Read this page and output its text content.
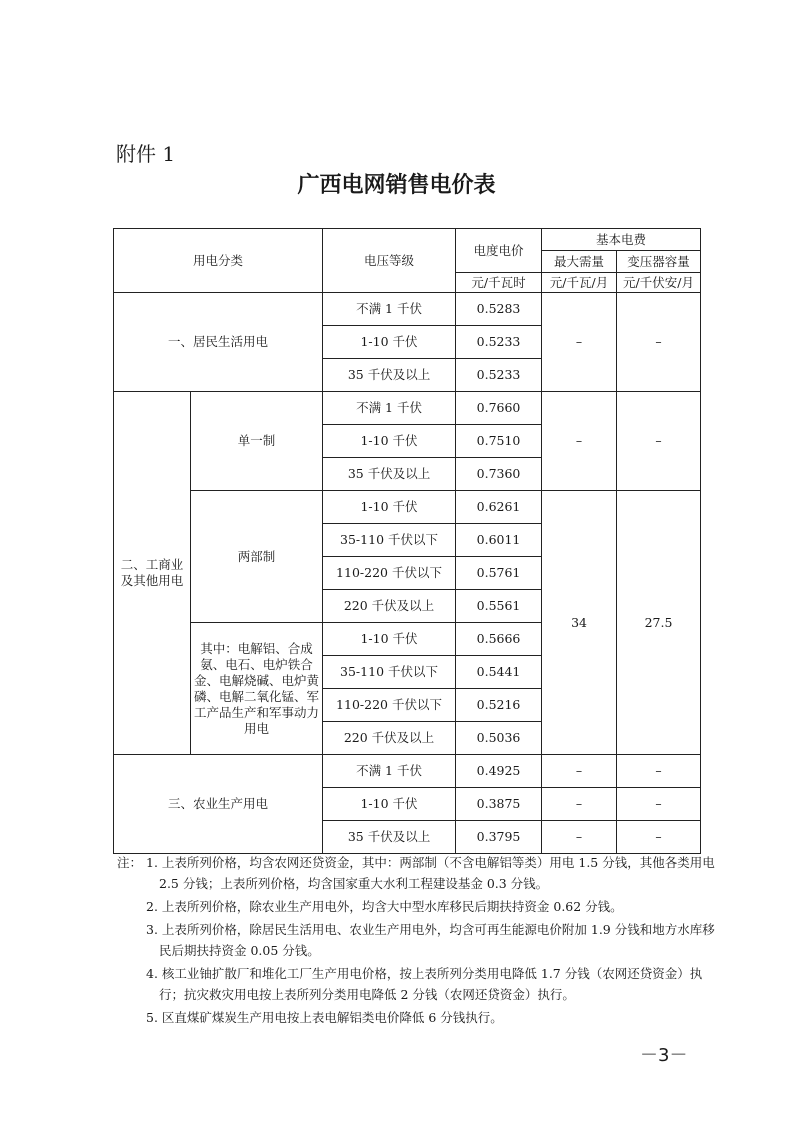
附件 1
广西电网销售电价表
用电分类		电压等级	电度电价	基本电费	
				最大需量	变压器容量
			元/千瓦时	元/千瓦/月	元/千伏安/月
一、居民生活用电		不满 1 千伏	0.5283	–	–
		1-10 千伏	0.5233		
		35 千伏及以上	0.5233		
二、工商业及其他用电	单一制	不满 1 千伏	0.7660	–	–
		1-10 千伏	0.7510		
		35 千伏及以上	0.7360		
	两部制	1-10 千伏	0.6261	34	27.5
		35-110 千伏以下	0.6011		
		110-220 千伏以下	0.5761		
		220 千伏及以上	0.5561		
	其中：电解铝、合成氨、电石、电炉铁合金、电解烧碱、电炉黄磷、电解二氧化锰、军工产品生产和军事动力用电	1-10 千伏	0.5666		
		35-110 千伏以下	0.5441		
		110-220 千伏以下	0.5216		
		220 千伏及以上	0.5036		
三、农业生产用电		不满 1 千伏	0.4925	–	–
		1-10 千伏	0.3875	–	–
		35 千伏及以上	0.3795	–	–
注： 1. 上表所列价格，均含农网还贷资金，其中：两部制（不含电解铝等类）用电 1.5 分钱，其他各类用电 2.5 分钱；上表所列价格，均含国家重大水利工程建设基金 0.3 分钱。
2. 上表所列价格，除农业生产用电外，均含大中型水库移民后期扶持资金 0.62 分钱。
3. 上表所列价格，除居民生活用电、农业生产用电外，均含可再生能源电价附加 1.9 分钱和地方水库移民后期扶持资金 0.05 分钱。
4. 核工业铀扩散厂和堆化工厂生产用电价格，按上表所列分类用电降低 1.7 分钱（农网还贷资金）执行；抗灾救灾用电按上表所列分类用电降低 2 分钱（农网还贷资金）执行。
5. 区直煤矿煤炭生产用电按上表电解铝类电价降低 6 分钱执行。
－3－
